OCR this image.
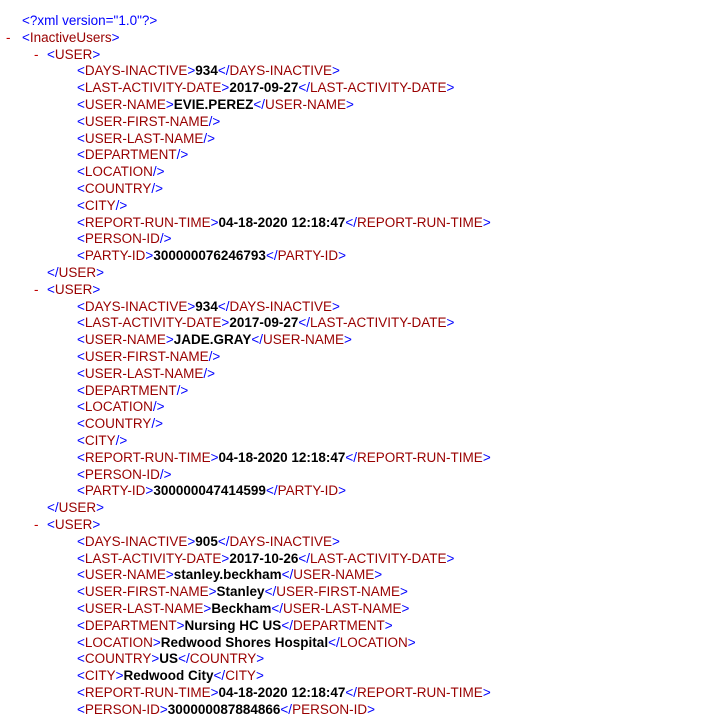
<?xml version="1.0"?>
- <InactiveUsers>
- <USER>
<DAYS-INACTIVE>934</DAYS-INACTIVE>
<LAST-ACTIVITY-DATE>2017-09-27</LAST-ACTIVITY-DATE>
<USER-NAME>EVIE.PEREZ</USER-NAME>
<USER-FIRST-NAME/>
<USER-LAST-NAME/>
<DEPARTMENT/>
<LOCATION/>
<COUNTRY/>
<CITY/>
<REPORT-RUN-TIME>04-18-2020 12:18:47</REPORT-RUN-TIME>
<PERSON-ID/>
<PARTY-ID>300000076246793</PARTY-ID>
</USER>
- <USER>
<DAYS-INACTIVE>934</DAYS-INACTIVE>
<LAST-ACTIVITY-DATE>2017-09-27</LAST-ACTIVITY-DATE>
<USER-NAME>JADE.GRAY</USER-NAME>
<USER-FIRST-NAME/>
<USER-LAST-NAME/>
<DEPARTMENT/>
<LOCATION/>
<COUNTRY/>
<CITY/>
<REPORT-RUN-TIME>04-18-2020 12:18:47</REPORT-RUN-TIME>
<PERSON-ID/>
<PARTY-ID>300000047414599</PARTY-ID>
</USER>
- <USER>
<DAYS-INACTIVE>905</DAYS-INACTIVE>
<LAST-ACTIVITY-DATE>2017-10-26</LAST-ACTIVITY-DATE>
<USER-NAME>stanley.beckham</USER-NAME>
<USER-FIRST-NAME>Stanley</USER-FIRST-NAME>
<USER-LAST-NAME>Beckham</USER-LAST-NAME>
<DEPARTMENT>Nursing HC US</DEPARTMENT>
<LOCATION>Redwood Shores Hospital</LOCATION>
<COUNTRY>US</COUNTRY>
<CITY>Redwood City</CITY>
<REPORT-RUN-TIME>04-18-2020 12:18:47</REPORT-RUN-TIME>
<PERSON-ID>300000087884866</PERSON-ID>
